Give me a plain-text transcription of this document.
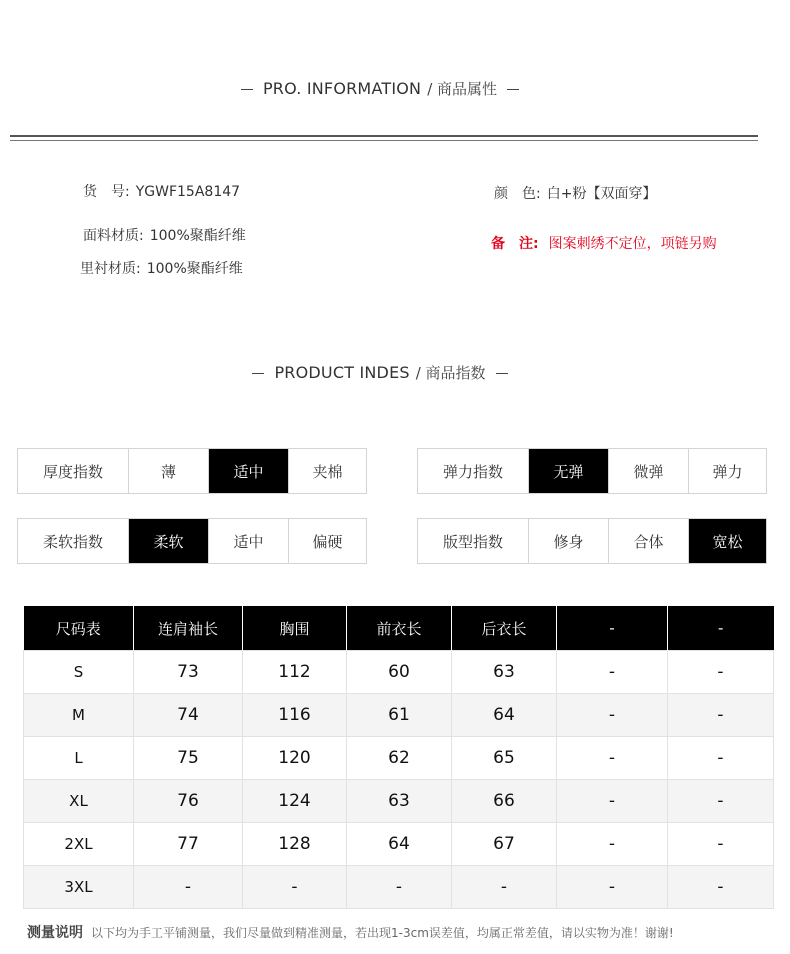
PRO. INFORMATION / 商品属性
货　号: YGWF15A8147
面料材质: 100%聚酯纤维
里衬材质: 100%聚酯纤维
颜　色: 白+粉【双面穿】
备　注: 图案刺绣不定位，项链另购
PRODUCT INDES / 商品指数
厚度指数	薄	适中	夹棉	弹力指数	无弹	微弹	弹力
柔软指数	柔软	适中	偏硬	版型指数	修身	合体	宽松
尺码表	连肩袖长	胸围	前衣长	后衣长	-	-
S	73	112	60	63	-	-
M	74	116	61	64	-	-
L	75	120	62	65	-	-
XL	76	124	63	66	-	-
2XL	77	128	64	67	-	-
3XL	-	-	-	-	-	-
测量说明 以下均为手工平铺测量，我们尽量做到精准测量，若出现1-3cm误差值，均属正常差值，请以实物为准！谢谢!
